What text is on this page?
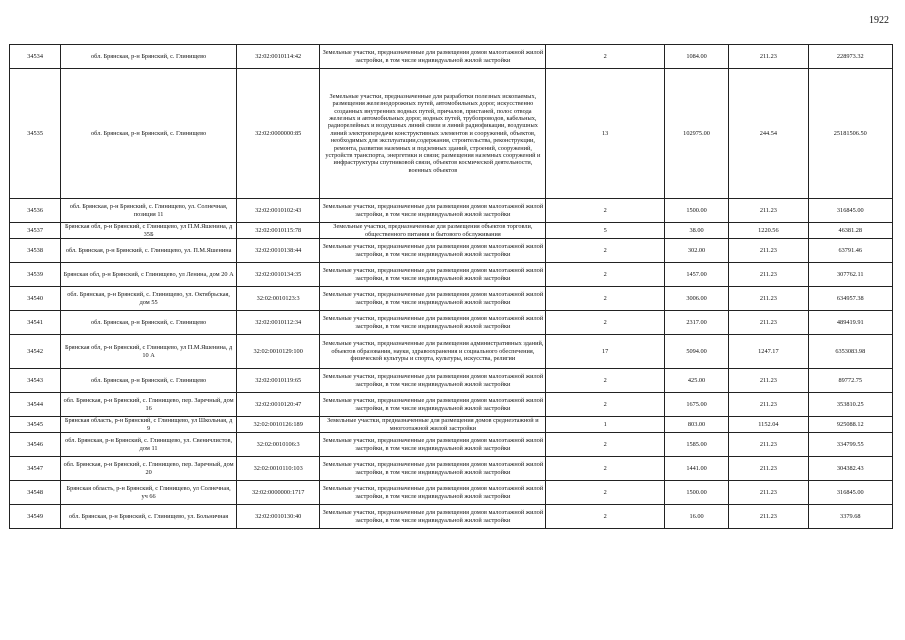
1922
34534	обл. Брянская, р-н Брянский, с. Глинищево	32:02:0010114:42	Земельные участки, предназначенные для размещения домов малоэтажной жилой застройки, в том числе индивидуальной жилой застройки	2	1084.00	211.23	228973.32
34535	обл. Брянская, р-н Брянский, с. Глинищево	32:02:0000000:85	Земельные участки, предназначенные для разработки полезных ископаемых, размещения железнодорожных путей, автомобильных дорог, искусственно созданных внутренних водных путей, причалов, пристаней, полос отвода железных и автомобильных дорог, водных путей, трубопроводов, кабельных, радиорелейных и воздушных линий связи и линий радиофикации, воздушных линий электропередачи конструктивных элементов и сооружений, объектов, необходимых для эксплуатации,содержания, строительства, реконструкции, ремонта, развития наземных и подземных зданий, строений, сооружений, устройств транспорта, энергетики и связи; размещения наземных сооружений и инфраструктуры спутниковой связи, объектов космической деятельности, военных объектов	13	102975.00	244.54	25181506.50
34536	обл. Брянская, р-н Брянский, с. Глинищево, ул. Солнечная, позиция 11	32:02:0010102:43	Земельные участки, предназначенные для размещения домов малоэтажной жилой застройки, в том числе индивидуальной жилой застройки	2	1500.00	211.23	316845.00
34537	Брянская обл, р-н Брянский, с Глинищево, ул П.М.Яшенина, д 35Б	32:02:0010115:78	Земельные участки, предназначенные для размещения объектов торговли, общественного питания и бытового обслуживания	5	38.00	1220.56	46381.28
34538	обл. Брянская, р-н Брянский, с. Глинищево, ул. П.М.Яшенина	32:02:0010138:44	Земельные участки, предназначенные для размещения домов малоэтажной жилой застройки, в том числе индивидуальной жилой застройки	2	302.00	211.23	63791.46
34539	Брянская обл, р-н Брянский, с Глинищево, ул Ленина, дом 20 А	32:02:0010134:35	Земельные участки, предназначенные для размещения домов малоэтажной жилой застройки, в том числе индивидуальной жилой застройки	2	1457.00	211.23	307762.11
34540	обл. Брянская, р-н Брянский, с. Глинищево, ул. Октябрьская, дом 55	32:02:0010123:3	Земельные участки, предназначенные для размещения домов малоэтажной жилой застройки, в том числе индивидуальной жилой застройки	2	3006.00	211.23	634957.38
34541	обл. Брянская, р-н Брянский, с. Глинищево	32:02:0010112:34	Земельные участки, предназначенные для размещения домов малоэтажной жилой застройки, в том числе индивидуальной жилой застройки	2	2317.00	211.23	489419.91
34542	Брянская обл, р-н Брянский, с Глинищево, ул П.М.Яшенина, д 10 А	32:02:0010129:100	Земельные участки, предназначенные для размещения административных зданий, объектов образования, науки, здравоохранения и социального обеспечения, физической культуры и спорта, культуры, искусства, религии	17	5094.00	1247.17	6353083.98
34543	обл. Брянская, р-н Брянский, с. Глинищево	32:02:0010119:65	Земельные участки, предназначенные для размещения домов малоэтажной жилой застройки, в том числе индивидуальной жилой застройки	2	425.00	211.23	89772.75
34544	обл. Брянская, р-н Брянский, с. Глинищево, пер. Заречный, дом 16	32:02:0010120:47	Земельные участки, предназначенные для размещения домов малоэтажной жилой застройки, в том числе индивидуальной жилой застройки	2	1675.00	211.23	353810.25
34545	Брянская область, р-н Брянский, с Глинищево, ул Школьная, д 9	32:02:0010126:189	Земельные участки, предназначенные для размещения домов среднеэтажной и многоэтажной жилой застройки	1	803.00	1152.04	925088.12
34546	обл. Брянская, р-н Брянский, с. Глинищево, ул. Свеничлистов, дом 11	32:02:0010106:3	Земельные участки, предназначенные для размещения домов малоэтажной жилой застройки, в том числе индивидуальной жилой застройки	2	1585.00	211.23	334799.55
34547	обл. Брянская, р-н Брянский, с. Глинищево, пер. Заречный, дом 20	32:02:0010110:103	Земельные участки, предназначенные для размещения домов малоэтажной жилой застройки, в том числе индивидуальной жилой застройки	2	1441.00	211.23	304382.43
34548	Брянская область, р-н Брянский, с Глинищево, ул Солнечная, уч 66	32:02:0000000:1717	Земельные участки, предназначенные для размещения домов малоэтажной жилой застройки, в том числе индивидуальной жилой застройки	2	1500.00	211.23	316845.00
34549	обл. Брянская, р-н Брянский, с. Глинищево, ул. Больничная	32:02:0010130:40	Земельные участки, предназначенные для размещения домов малоэтажной жилой застройки, в том числе индивидуальной жилой застройки	2	16.00	211.23	3379.68
